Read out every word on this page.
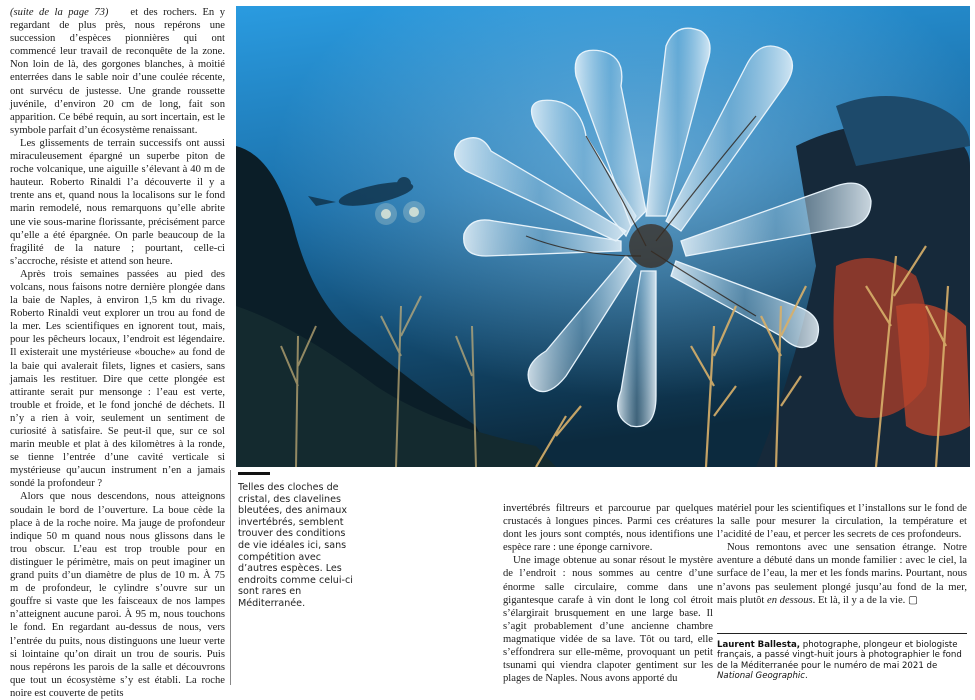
(suite de la page 73) et des rochers. En y regardant de plus près, nous repérons une succession d’espèces pionnières qui ont commencé leur travail de reconquête de la zone. Non loin de là, des gorgones blanches, à moitié enterrées dans le sable noir d’une coulée récente, ont survécu de justesse. Une grande roussette juvénile, d’environ 20 cm de long, fait son apparition. Ce bébé requin, au sort incertain, est le symbole parfait d’un écosystème renaissant.

Les glissements de terrain successifs ont aussi miraculeusement épargné un superbe piton de roche volcanique, une aiguille s’élevant à 40 m de hauteur. Roberto Rinaldi l’a découverte il y a trente ans et, quand nous la localisons sur le fond marin remodelé, nous remarquons qu’elle abrite une vie sous-marine florissante, précisément parce qu’elle a été épargnée. On parle beaucoup de la fragilité de la nature ; pourtant, celle-ci s’accroche, résiste et attend son heure.

Après trois semaines passées au pied des volcans, nous faisons notre dernière plongée dans la baie de Naples, à environ 1,5 km du rivage. Roberto Rinaldi veut explorer un trou au fond de la mer. Les scientifiques en ignorent tout, mais, pour les pêcheurs locaux, l’endroit est légendaire. Il existerait une mystérieuse «bouche» au fond de la baie qui avalerait filets, lignes et casiers, sans jamais les restituer. Dire que cette plongée est attirante serait pur mensonge : l’eau est verte, trouble et froide, et le fond jonché de déchets. Il n’y a rien à voir, seulement un sentiment de curiosité à satisfaire. Se peut-il que, sur ce sol marin meuble et plat à des kilomètres à la ronde, se tienne l’entrée d’une cavité verticale si mystérieuse qu’aucun instrument n’en a jamais sondé la profondeur ?

Alors que nous descendons, nous atteignons soudain le bord de l’ouverture. La boue cède la place à de la roche noire. Ma jauge de profondeur indique 50 m quand nous nous glissons dans le trou obscur. L’eau est trop trouble pour en distinguer le périmètre, mais on peut imaginer un grand puits d’un diamètre de plus de 10 m. À 75 m de profondeur, le cylindre s’ouvre sur un gouffre si vaste que les faisceaux de nos lampes n’atteignent aucune paroi. À 95 m, nous touchons le fond. En regardant au-dessus de nous, vers l’entrée du puits, nous distinguons une lueur verte si lointaine qu’on dirait un trou de souris. Puis nous repérons les parois de la salle et découvrons que tout un écosystème s’y est établi. La roche noire est couverte de petits

Telles des cloches de cristal, des clavelines bleutées, des animaux invertébrés, semblent trouver des conditions de vie idéales ici, sans compétition avec d’autres espèces. Les endroits comme celui-ci sont rares en Méditerranée.

invertébrés filtreurs et parcourue par quelques crustacés à longues pinces. Parmi ces créatures dont les jours sont comptés, nous identifions une espèce rare : une éponge carnivore.

Une image obtenue au sonar résout le mystère de l’endroit : nous sommes au centre d’une énorme salle circulaire, comme dans une gigantesque carafe à vin dont le long col étroit s’élargirait brusquement en une large base. Il s’agit probablement d’une ancienne chambre magmatique vidée de sa lave. Tôt ou tard, elle s’effondrera sur elle-même, provoquant un petit tsunami qui viendra clapoter gentiment sur les plages de Naples. Nous avons apporté du

matériel pour les scientifiques et l’installons sur le fond de la salle pour mesurer la circulation, la température et l’acidité de l’eau, et percer les secrets de ces profondeurs.

Nous remontons avec une sensation étrange. Notre aventure a débuté dans un monde familier : avec le ciel, la surface de l’eau, la mer et les fonds marins. Pourtant, nous n’avons pas seulement plongé jusqu’au fond de la mer, mais plutôt en dessous. Et là, il y a de la vie. ▢

Laurent Ballesta, photographe, plongeur et biologiste français, a passé vingt-huit jours à photographier le fond de la Méditerranée pour le numéro de mai 2021 de National Geographic.
